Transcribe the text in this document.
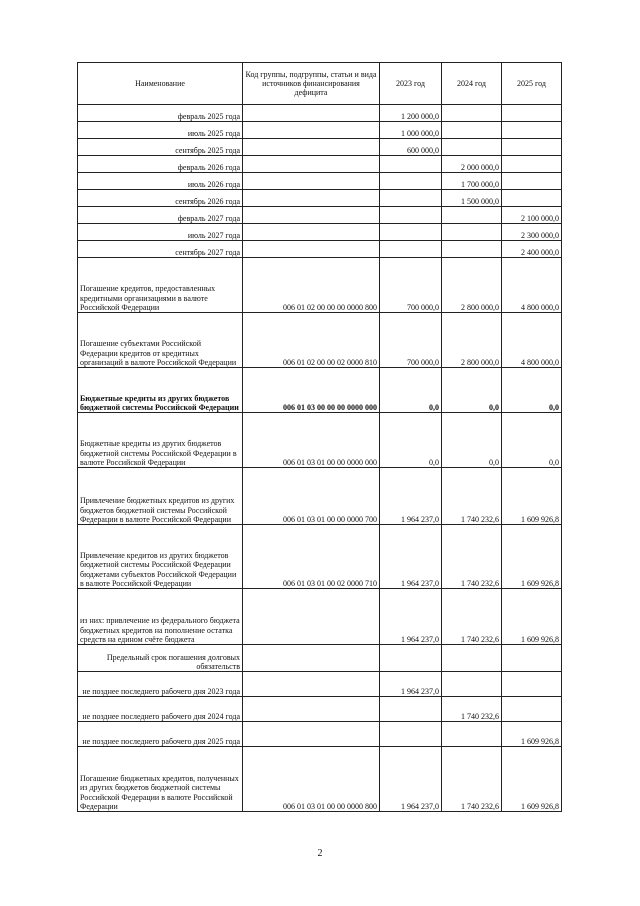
Наименование	Код группы, подгруппы, статьи и вида источников финансирования дефицита	2023 год	2024 год	2025 год
февраль 2025 года		1 200 000,0		
июль 2025 года		1 000 000,0		
сентябрь 2025 года		600 000,0		
февраль 2026 года			2 000 000,0	
июль 2026 года			1 700 000,0	
сентябрь 2026 года			1 500 000,0	
февраль 2027 года				2 100 000,0
июль 2027 года				2 300 000,0
сентябрь 2027 года				2 400 000,0
Погашение кредитов, предоставленных кредитными организациями в валюте Российской Федерации	006 01 02 00 00 00 0000 800	700 000,0	2 800 000,0	4 800 000,0
Погашение субъектами Российской Федерации кредитов от кредитных организаций в валюте Российской Федерации	006 01 02 00 00 02 0000 810	700 000,0	2 800 000,0	4 800 000,0
Бюджетные кредиты из других бюджетов бюджетной системы Российской Федерации	006 01 03 00 00 00 0000 000	0,0	0,0	0,0
Бюджетные кредиты из других бюджетов бюджетной системы Российской Федерации в валюте Российской Федерации	006 01 03 01 00 00 0000 000	0,0	0,0	0,0
Привлечение бюджетных кредитов из других бюджетов бюджетной системы Российской Федерации в валюте Российской Федерации	006 01 03 01 00 00 0000 700	1 964 237,0	1 740 232,6	1 609 926,8
Привлечение кредитов из других бюджетов бюджетной системы Российской Федерации бюджетами субъектов Российской Федерации в валюте Российской Федерации	006 01 03 01 00 02 0000 710	1 964 237,0	1 740 232,6	1 609 926,8
из них: привлечение из федерального бюджета бюджетных кредитов на пополнение остатка средств на едином счёте бюджета		1 964 237,0	1 740 232,6	1 609 926,8
Предельный срок погашения долговых обязательств				
не позднее последнего рабочего дня 2023 года		1 964 237,0		
не позднее последнего рабочего дня 2024 года			1 740 232,6	
не позднее последнего рабочего дня 2025 года				1 609 926,8
Погашение бюджетных кредитов, полученных из других бюджетов бюджетной системы Российской Федерации в валюте Российской Федерации	006 01 03 01 00 00 0000 800	1 964 237,0	1 740 232,6	1 609 926,8
2
